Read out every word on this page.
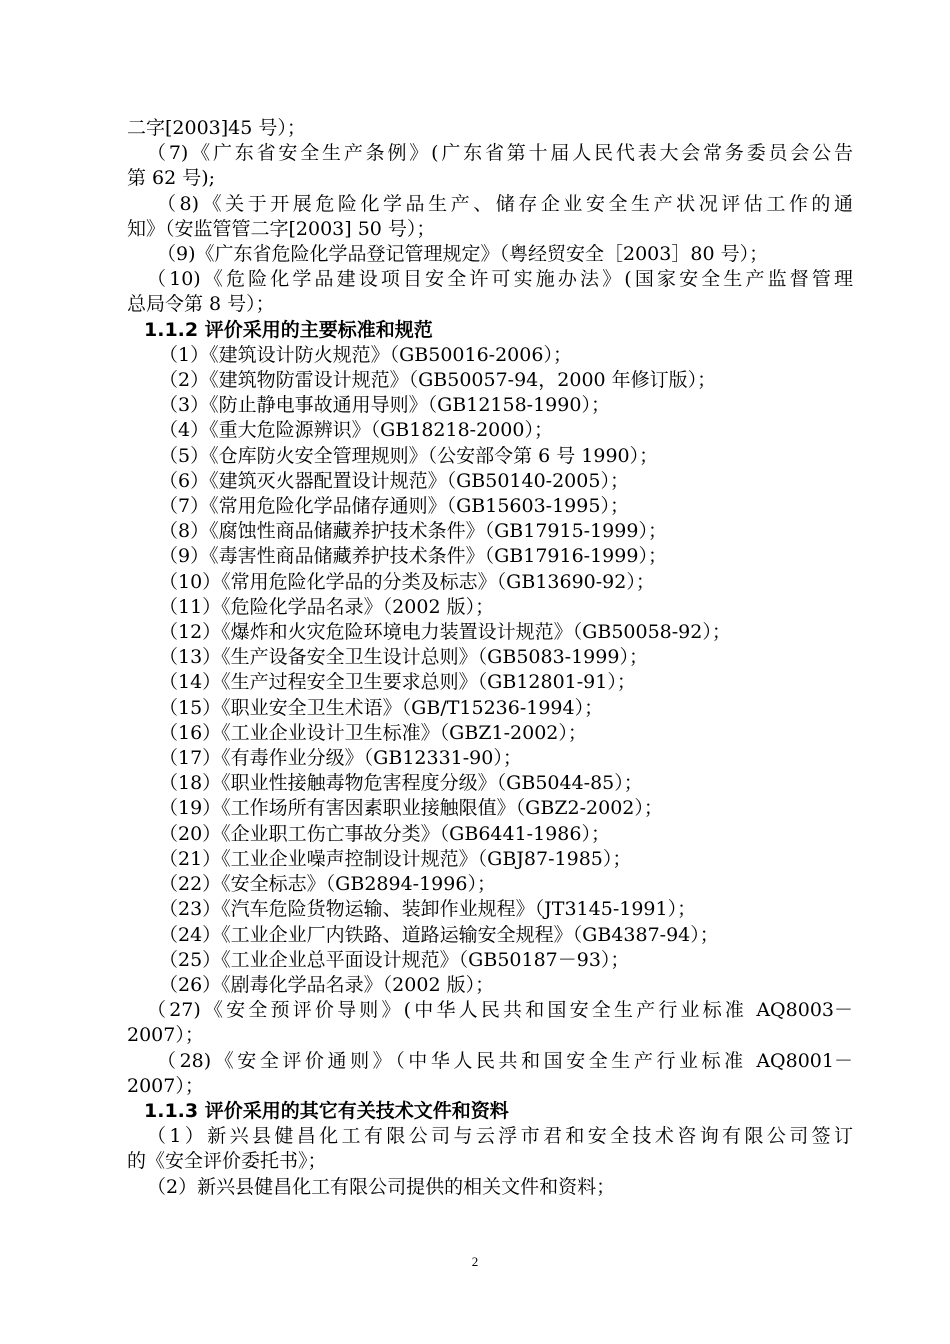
二字[2003]45 号）；
（7)《广东省安全生产条例》(广东省第十届人民代表大会常务委员会公告
第 62 号);
（8)《关于开展危险化学品生产、储存企业安全生产状况评估工作的通
知》（安监管管二字[2003] 50 号）；
（9)《广东省危险化学品登记管理规定》（粤经贸安全［2003］80 号）；
（10)《危险化学品建设项目安全许可实施办法》(国家安全生产监督管理
总局令第 8 号）；
1.1.2 评价采用的主要标准和规范
（1）《建筑设计防火规范》（GB50016-2006）；
（2）《建筑物防雷设计规范》（GB50057-94，2000 年修订版）；
（3）《防止静电事故通用导则》（GB12158-1990）；
（4）《重大危险源辨识》（GB18218-2000）；
（5）《仓库防火安全管理规则》（公安部令第 6 号 1990）；
（6）《建筑灭火器配置设计规范》（GB50140-2005）；
（7）《常用危险化学品储存通则》（GB15603-1995）；
（8）《腐蚀性商品储藏养护技术条件》（GB17915-1999）；
（9）《毒害性商品储藏养护技术条件》（GB17916-1999）；
（10）《常用危险化学品的分类及标志》（GB13690-92）；
（11）《危险化学品名录》（2002 版）；
（12）《爆炸和火灾危险环境电力装置设计规范》（GB50058-92）；
（13）《生产设备安全卫生设计总则》（GB5083-1999）；
（14）《生产过程安全卫生要求总则》（GB12801-91）；
（15）《职业安全卫生术语》（GB/T15236-1994）；
（16）《工业企业设计卫生标准》（GBZ1-2002）；
（17）《有毒作业分级》（GB12331-90）；
（18）《职业性接触毒物危害程度分级》（GB5044-85）；
（19）《工作场所有害因素职业接触限值》（GBZ2-2002）；
（20）《企业职工伤亡事故分类》（GB6441-1986）；
（21）《工业企业噪声控制设计规范》（GBJ87-1985）；
（22）《安全标志》（GB2894-1996）；
（23）《汽车危险货物运输、装卸作业规程》（JT3145-1991）；
（24）《工业企业厂内铁路、道路运输安全规程》（GB4387-94）；
（25）《工业企业总平面设计规范》（GB50187－93）；
（26）《剧毒化学品名录》（2002 版）；
（27)《安全预评价导则》(中华人民共和国安全生产行业标准 AQ8003－
2007）；
（28)《安全评价通则》（中华人民共和国安全生产行业标准 AQ8001－
2007）；
1.1.3 评价采用的其它有关技术文件和资料
（1）新兴县健昌化工有限公司与云浮市君和安全技术咨询有限公司签订
的《安全评价委托书》；
（2）新兴县健昌化工有限公司提供的相关文件和资料；
2
